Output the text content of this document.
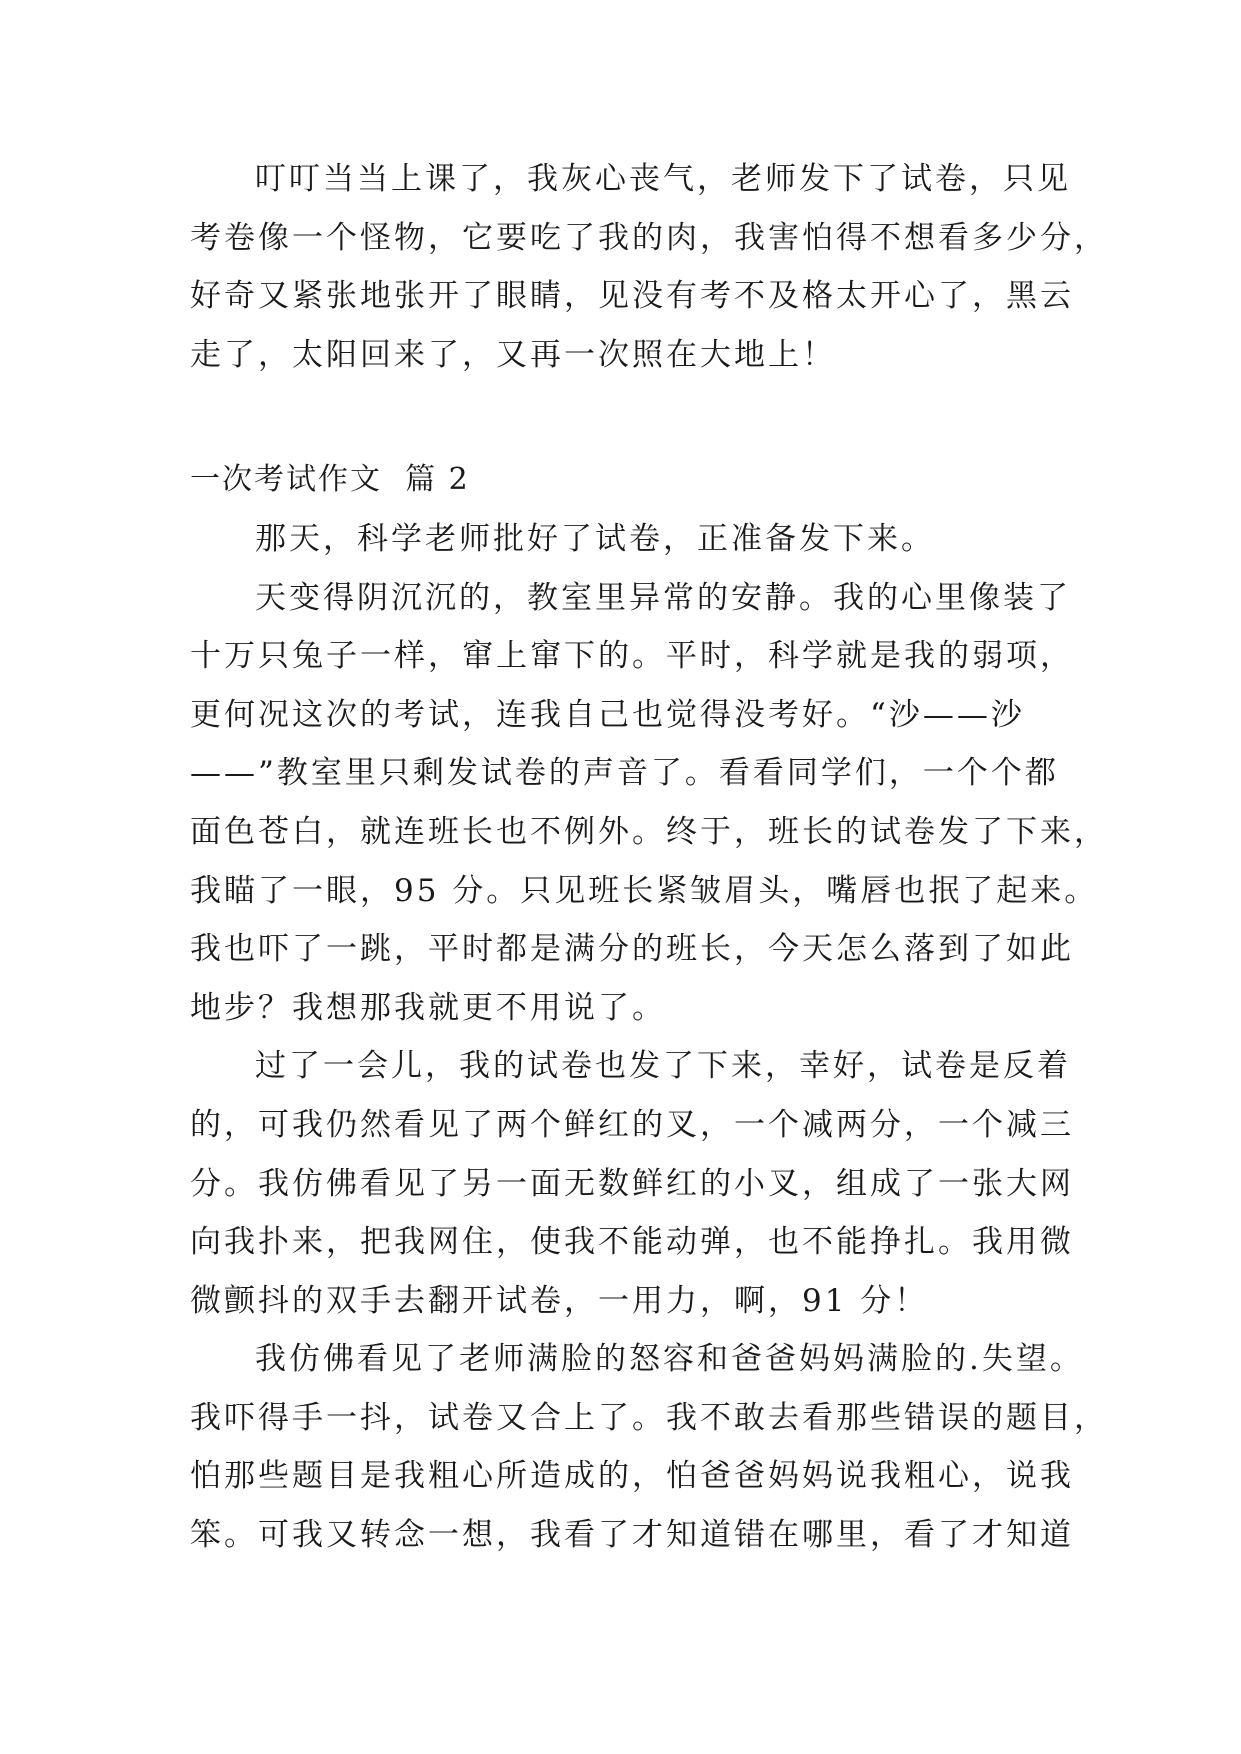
叮叮当当上课了，我灰心丧气，老师发下了试卷，只见
考卷像一个怪物，它要吃了我的肉，我害怕得不想看多少分，
好奇又紧张地张开了眼睛，见没有考不及格太开心了，黑云
走了，太阳回来了，又再一次照在大地上！
一次考试作文  篇 2
那天，科学老师批好了试卷，正准备发下来。
天变得阴沉沉的，教室里异常的安静。我的心里像装了
十万只兔子一样，窜上窜下的。平时，科学就是我的弱项，
更何况这次的考试，连我自己也觉得没考好。“沙——沙
——”教室里只剩发试卷的声音了。看看同学们，一个个都
面色苍白，就连班长也不例外。终于，班长的试卷发了下来，
我瞄了一眼，95 分。只见班长紧皱眉头，嘴唇也抿了起来。
我也吓了一跳，平时都是满分的班长，今天怎么落到了如此
地步？我想那我就更不用说了。
过了一会儿，我的试卷也发了下来，幸好，试卷是反着
的，可我仍然看见了两个鲜红的叉，一个减两分，一个减三
分。我仿佛看见了另一面无数鲜红的小叉，组成了一张大网
向我扑来，把我网住，使我不能动弹，也不能挣扎。我用微
微颤抖的双手去翻开试卷，一用力，啊，91 分！
我仿佛看见了老师满脸的怒容和爸爸妈妈满脸的.失望。
我吓得手一抖，试卷又合上了。我不敢去看那些错误的题目，
怕那些题目是我粗心所造成的，怕爸爸妈妈说我粗心，说我
笨。可我又转念一想，我看了才知道错在哪里，看了才知道
